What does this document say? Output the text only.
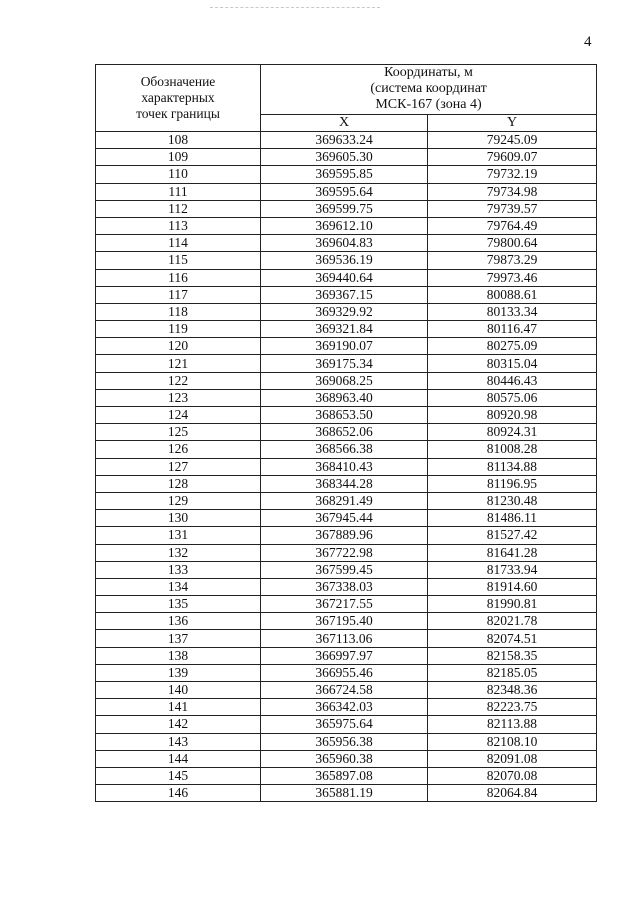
4
Обозначение
характерных
точек границы	Координаты, м
(система координат
МСК-167 (зона 4)	

	X	Y
108	369633.24	79245.09
109	369605.30	79609.07
110	369595.85	79732.19
111	369595.64	79734.98
112	369599.75	79739.57
113	369612.10	79764.49
114	369604.83	79800.64
115	369536.19	79873.29
116	369440.64	79973.46
117	369367.15	80088.61
118	369329.92	80133.34
119	369321.84	80116.47
120	369190.07	80275.09
121	369175.34	80315.04
122	369068.25	80446.43
123	368963.40	80575.06
124	368653.50	80920.98
125	368652.06	80924.31
126	368566.38	81008.28
127	368410.43	81134.88
128	368344.28	81196.95
129	368291.49	81230.48
130	367945.44	81486.11
131	367889.96	81527.42
132	367722.98	81641.28
133	367599.45	81733.94
134	367338.03	81914.60
135	367217.55	81990.81
136	367195.40	82021.78
137	367113.06	82074.51
138	366997.97	82158.35
139	366955.46	82185.05
140	366724.58	82348.36
141	366342.03	82223.75
142	365975.64	82113.88
143	365956.38	82108.10
144	365960.38	82091.08
145	365897.08	82070.08
146	365881.19	82064.84
